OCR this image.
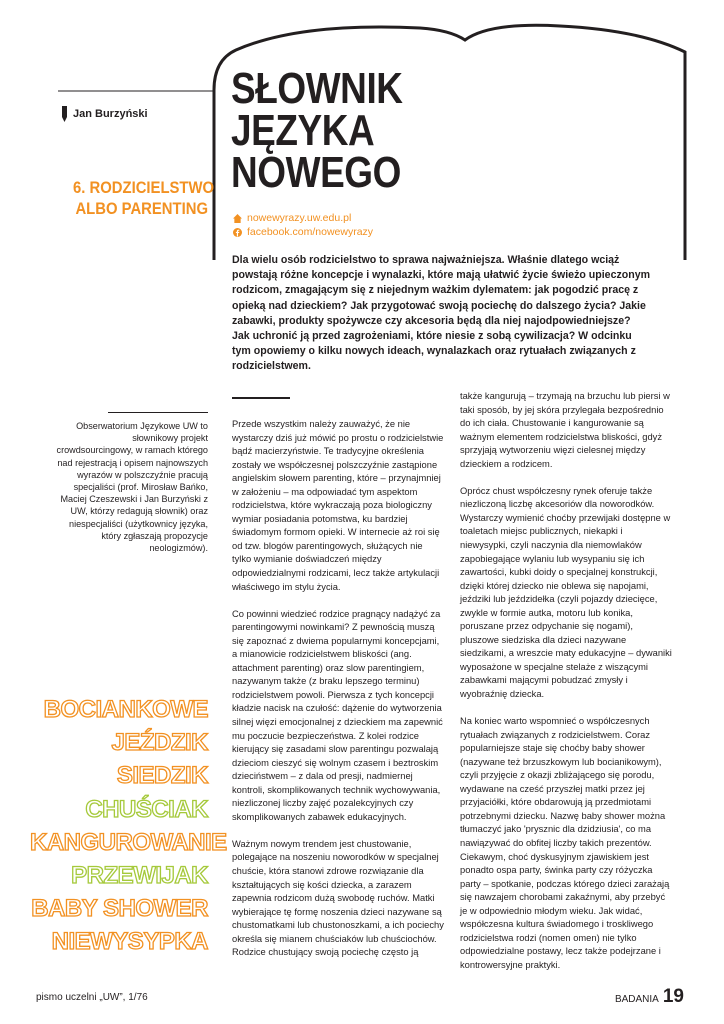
Jan Burzyński
SŁOWNIK
JĘZYKA
NOWEGO
6. RODZICIELSTWO
ALBO PARENTING	nowewyrazy.uw.edu.pl
facebook.com/nowewyrazy
Dla wielu osób rodzicielstwo to sprawa najważniejsza. Właśnie dlatego wciąż powstają różne koncepcje i wynalazki, które mają ułatwić życie świeżo upieczonym rodzicom, zmagającym się z niejednym ważkim dylematem: jak pogodzić pracę z opieką nad dzieckiem? Jak przygotować swoją pociechę do dalszego życia? Jakie zabawki, produkty spożywcze czy akcesoria będą dla niej najodpowiedniejsze? Jak uchronić ją przed zagrożeniami, które niesie z sobą cywilizacja? W odcinku tym opowiemy o kilku nowych ideach, wynalazkach oraz rytuałach związanych z rodzicielstwem.
Obserwatorium Językowe UW to słownikowy projekt crowdsourcingowy, w ramach którego nad rejestracją i opisem najnowszych wyrazów w polszczyźnie pracują specjaliści (prof. Mirosław Bańko, Maciej Czeszewski i Jan Burzyński z UW, którzy redagują słownik) oraz niespecjaliści (użytkownicy języka, który zgłaszają propozycje neologizmów).

Przede wszystkim należy zauważyć, że nie wystarczy dziś już mówić po prostu o rodzicielstwie bądź macierzyństwie. Te tradycyjne określenia zostały we współczesnej polszczyźnie zastąpione angielskim słowem parenting, które – przynajmniej w założeniu – ma odpowiadać tym aspektom rodzicielstwa, które wykraczają poza biologiczny wymiar posiadania potomstwa, ku bardziej świadomym formom opieki. W internecie aż roi się od tzw. blogów parentingowych, służących nie tylko wymianie doświadczeń między odpowiedzialnymi rodzicami, lecz także artykulacji właściwego im stylu życia.

Co powinni wiedzieć rodzice pragnący nadążyć za parentingowymi nowinkami? Z pewnością muszą się zapoznać z dwiema popularnymi koncepcjami, a mianowicie rodzicielstwem bliskości (ang. attachment parenting) oraz slow parentingiem, nazywanym także (z braku lepszego terminu) rodzicielstwem powoli. Pierwsza z tych koncepcji kładzie nacisk na czułość: dążenie do wytworzenia silnej więzi emocjonalnej z dzieckiem ma zapewnić mu poczucie bezpieczeństwa. Z kolei rodzice kierujący się zasadami slow parentingu pozwalają dzieciom cieszyć się wolnym czasem i beztroskim dzieciństwem – z dala od presji, nadmiernej kontroli, skomplikowanych technik wychowywania, niezliczonej liczby zajęć pozalekcyjnych czy skomplikowanych zabawek edukacyjnych.

Ważnym nowym trendem jest chustowanie, polegające na noszeniu noworodków w specjalnej chuście, która stanowi zdrowe rozwiązanie dla kształtujących się kości dziecka, a zarazem zapewnia rodzicom dużą swobodę ruchów. Matki wybierające tę formę noszenia dzieci nazywane są chustomatkami lub chustonoszkami, a ich pociechy określa się mianem chuściaków lub chuściochów. Rodzice chustujący swoją pociechę często ją

także kangurują – trzymają na brzuchu lub piersi w taki sposób, by jej skóra przylegała bezpośrednio do ich ciała. Chustowanie i kangurowanie są ważnym elementem rodzicielstwa bliskości, gdyż sprzyjają wytworzeniu więzi cielesnej między dzieckiem a rodzicem.

Oprócz chust współczesny rynek oferuje także niezliczoną liczbę akcesoriów dla noworodków. Wystarczy wymienić choćby przewijaki dostępne w toaletach miejsc publicznych, niekapki i niewysypki, czyli naczynia dla niemowlaków zapobiegające wylaniu lub wysypaniu się ich zawartości, kubki doidy o specjalnej konstrukcji, dzięki której dziecko nie oblewa się napojami, jeździki lub jeździdełka (czyli pojazdy dziecięce, zwykle w formie autka, motoru lub konika, poruszane przez odpychanie się nogami), pluszowe siedziska dla dzieci nazywane siedzikami, a wreszcie maty edukacyjne – dywaniki wyposażone w specjalne stelaże z wiszącymi zabawkami mającymi pobudzać zmysły i wyobraźnię dziecka.

Na koniec warto wspomnieć o współczesnych rytuałach związanych z rodzicielstwem. Coraz popularniejsze staje się choćby baby shower (nazywane też brzuszkowym lub bocianikowym), czyli przyjęcie z okazji zbliżającego się porodu, wydawane na cześć przyszłej matki przez jej przyjaciółki, które obdarowują ją przedmiotami potrzebnymi dziecku. Nazwę baby shower można tłumaczyć jako 'prysznic dla dzidziusia', co ma nawiązywać do obfitej liczby takich prezentów. Ciekawym, choć dyskusyjnym zjawiskiem jest ponadto ospa party, świnka party czy różyczka party – spotkanie, podczas którego dzieci zarażają się nawzajem chorobami zakaźnymi, aby przebyć je w odpowiednio młodym wieku. Jak widać, współczesna kultura świadomego i troskliwego rodzicielstwa rodzi (nomen omen) nie tylko odpowiedzialne postawy, lecz także podejrzane i kontrowersyjne praktyki.

BOCIANKOWE
JEŹDZIK
SIEDZIK
CHUŚCIAK
KANGUROWANIE
PRZEWIJAK
BABY SHOWER
NIEWYSYPKA
pismo uczelni „UW”, 1/76	BADANIA 19
